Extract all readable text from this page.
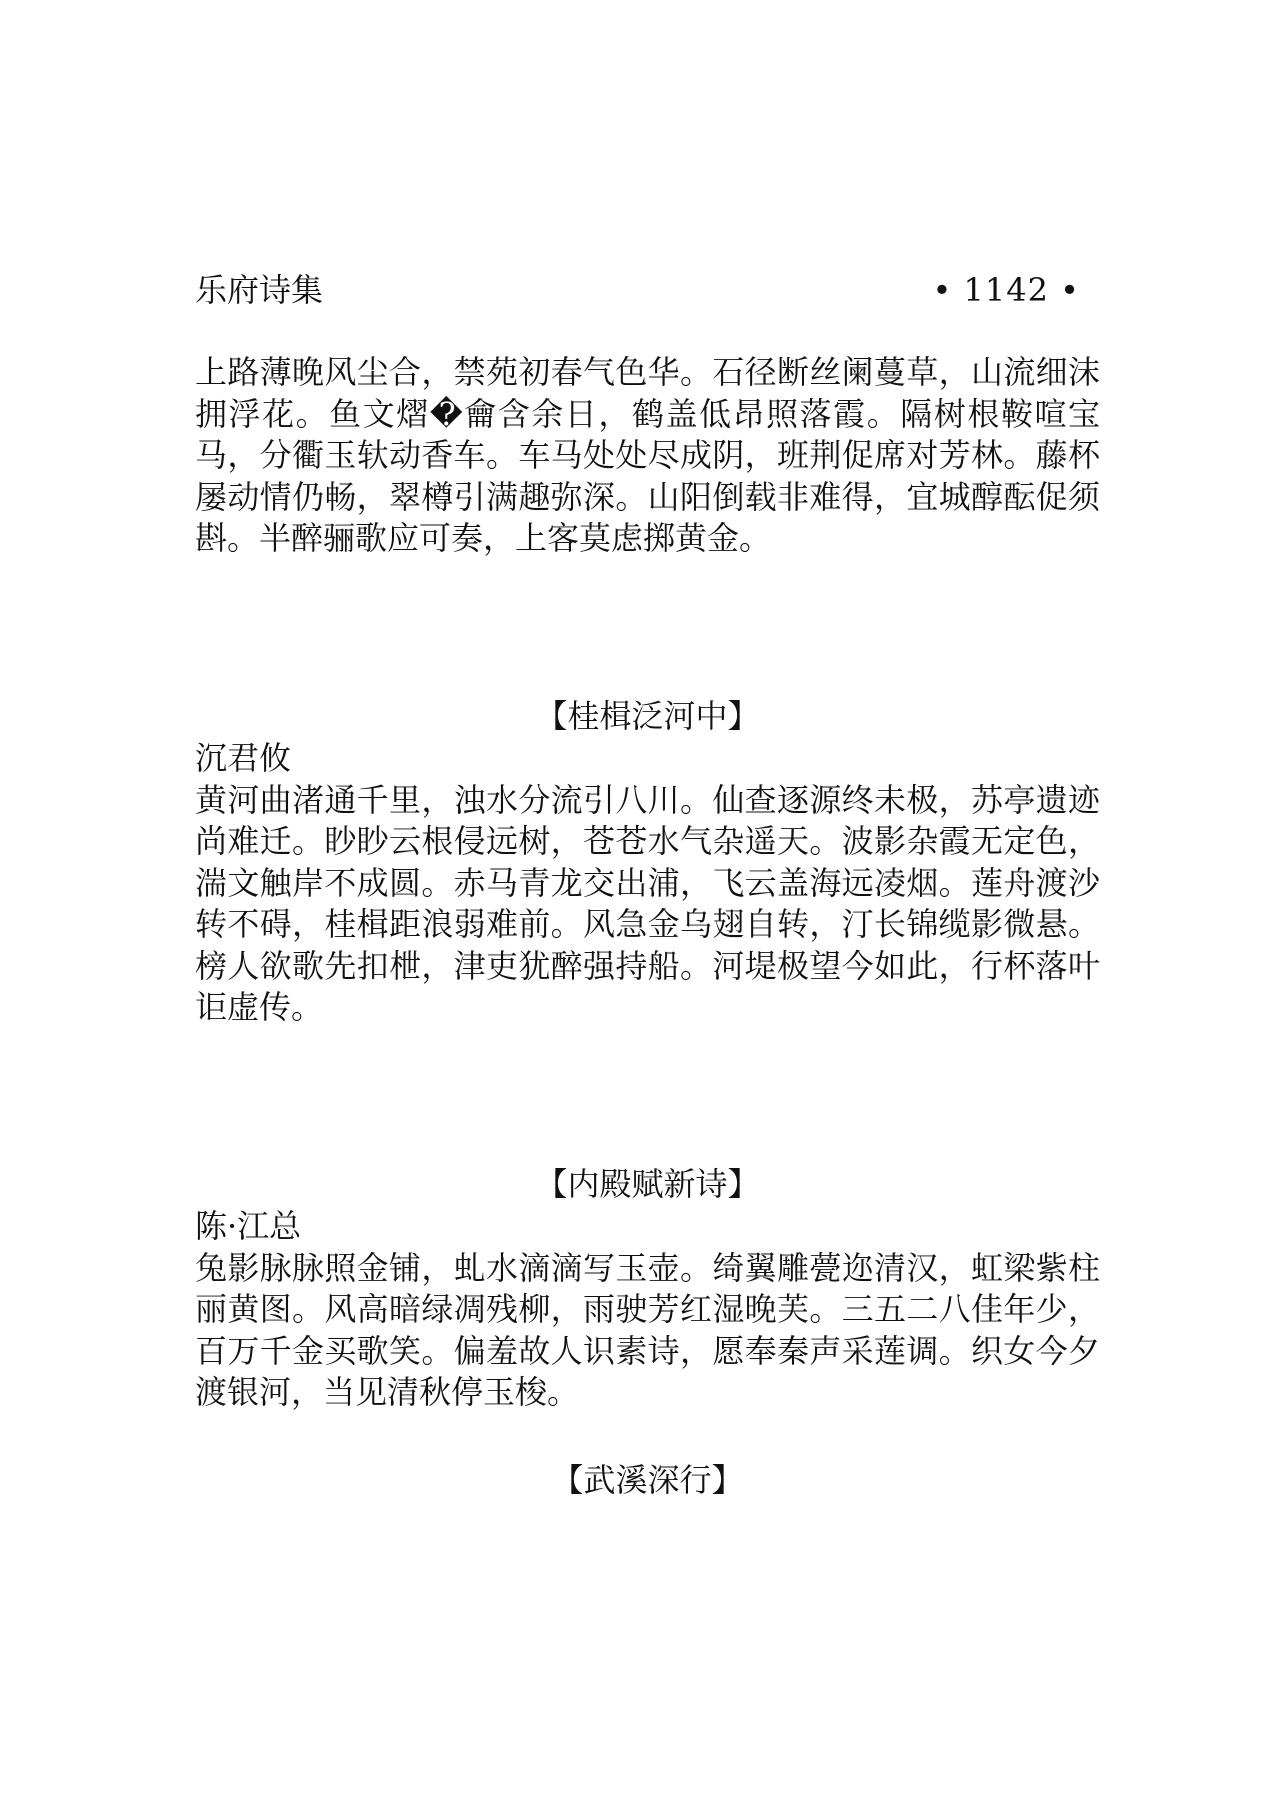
乐府诗集	• 1142 •

上路薄晚风尘合，禁苑初春气色华。石径断丝阑蔓草，山流细沫拥浮花。鱼文熠�龠含余日，鹤盖低昂照落霞。隔树根鞍喧宝马，分衢玉轪动香车。车马处处尽成阴，班荆促席对芳林。藤杯屡动情仍畅，翠樽引满趣弥深。山阳倒载非难得，宜城醇酝促须斟。半醉骊歌应可奏，上客莫虑掷黄金。

【桂楫泛河中】

沉君攸

黄河曲渚通千里，浊水分流引八川。仙查逐源终未极，苏亭遗迹尚难迁。眇眇云根侵远树，苍苍水气杂遥天。波影杂霞无定色，湍文触岸不成圆。赤马青龙交出浦，飞云盖海远凌烟。莲舟渡沙转不碍，桂楫距浪弱难前。风急金乌翅自转，汀长锦缆影微悬。榜人欲歌先扣枻，津吏犹醉强持船。河堤极望今如此，行杯落叶讵虚传。

【内殿赋新诗】

陈·江总

兔影脉脉照金铺，虬水滴滴写玉壶。绮翼雕甍迩清汉，虹梁紫柱丽黄图。风高暗绿凋残柳，雨驶芳红湿晚芙。三五二八佳年少，百万千金买歌笑。偏羞故人识素诗，愿奉秦声采莲调。织女今夕渡银河，当见清秋停玉梭。

【武溪深行】
